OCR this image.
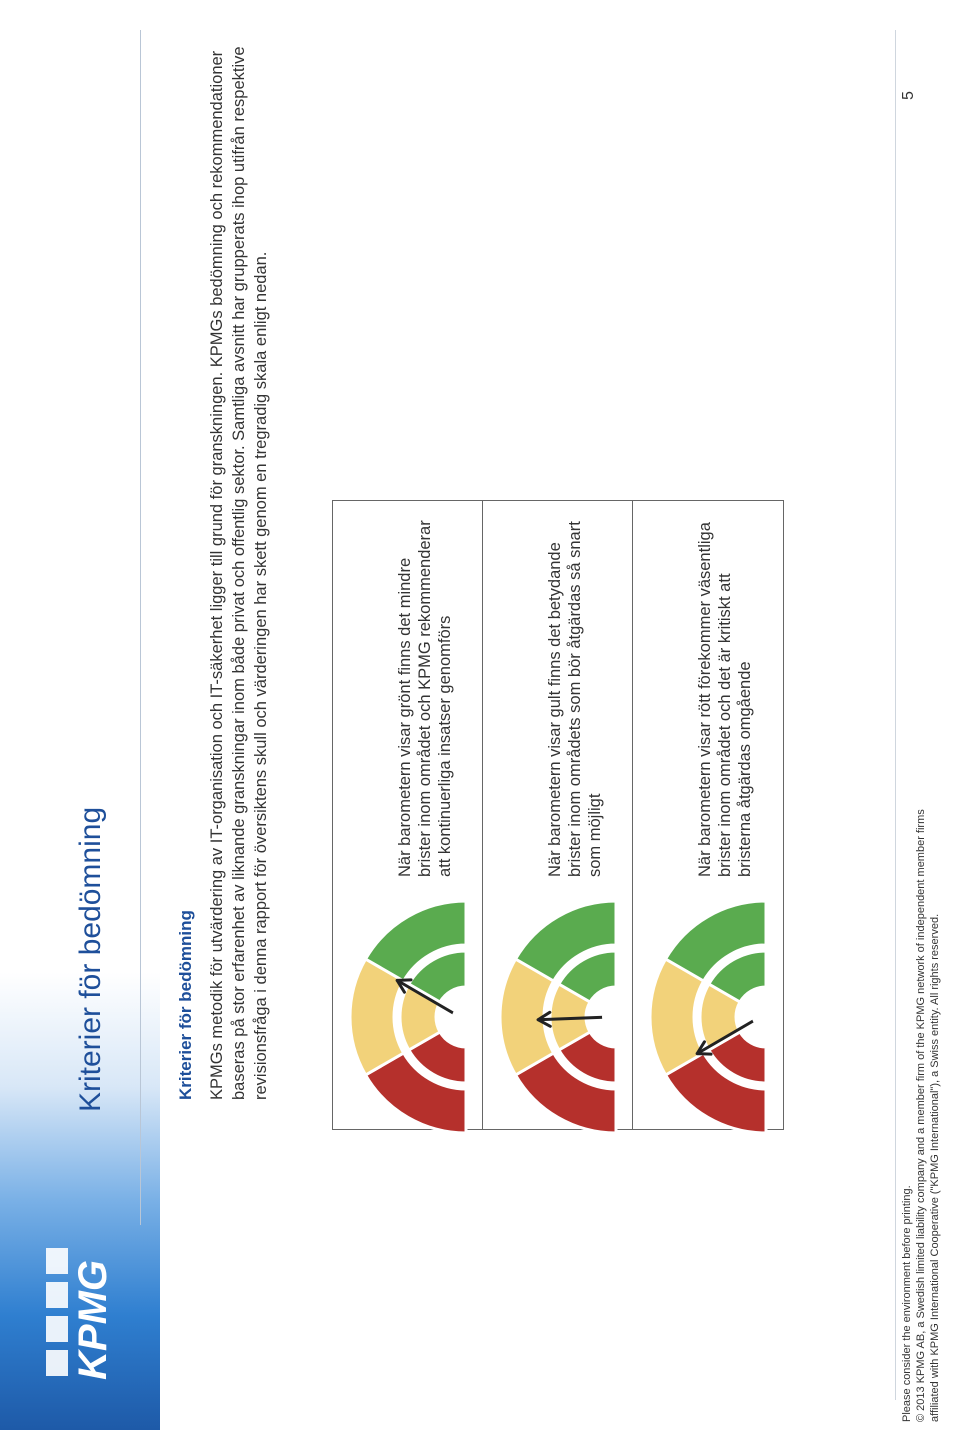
KPMG
Kriterier för bedömning	Kriterier för bedömning KPMGs metodik för utvärdering av IT-organisation och IT-säkerhet ligger till grund för granskningen. KPMGs bedömning och rekommendationer baseras på stor erfarenhet av liknande granskningar inom både privat och offentlig sektor. Samtliga avsnitt har grupperats ihop utifrån respektive revisionsfråga i denna rapport för översiktens skull och värderingen har skett genom en tregradig skala enligt nedan.	När barometern visar grönt finns det mindre brister inom området och KPMG rekommenderar att kontinuerliga insatser genomförs	När barometern visar gult finns det betydande brister inom områdets som bör åtgärdas så snart som möjligt	När barometern visar rött förekommer väsentliga brister inom området och det är kritiskt att bristerna åtgärdas omgående

Please consider the environment before printing. © 2013 KPMG AB, a Swedish limited liability company and a member firm of the KPMG network of independent member firms affiliated with KPMG International Cooperative ("KPMG International"), a Swiss entity. All rights reserved.
5
